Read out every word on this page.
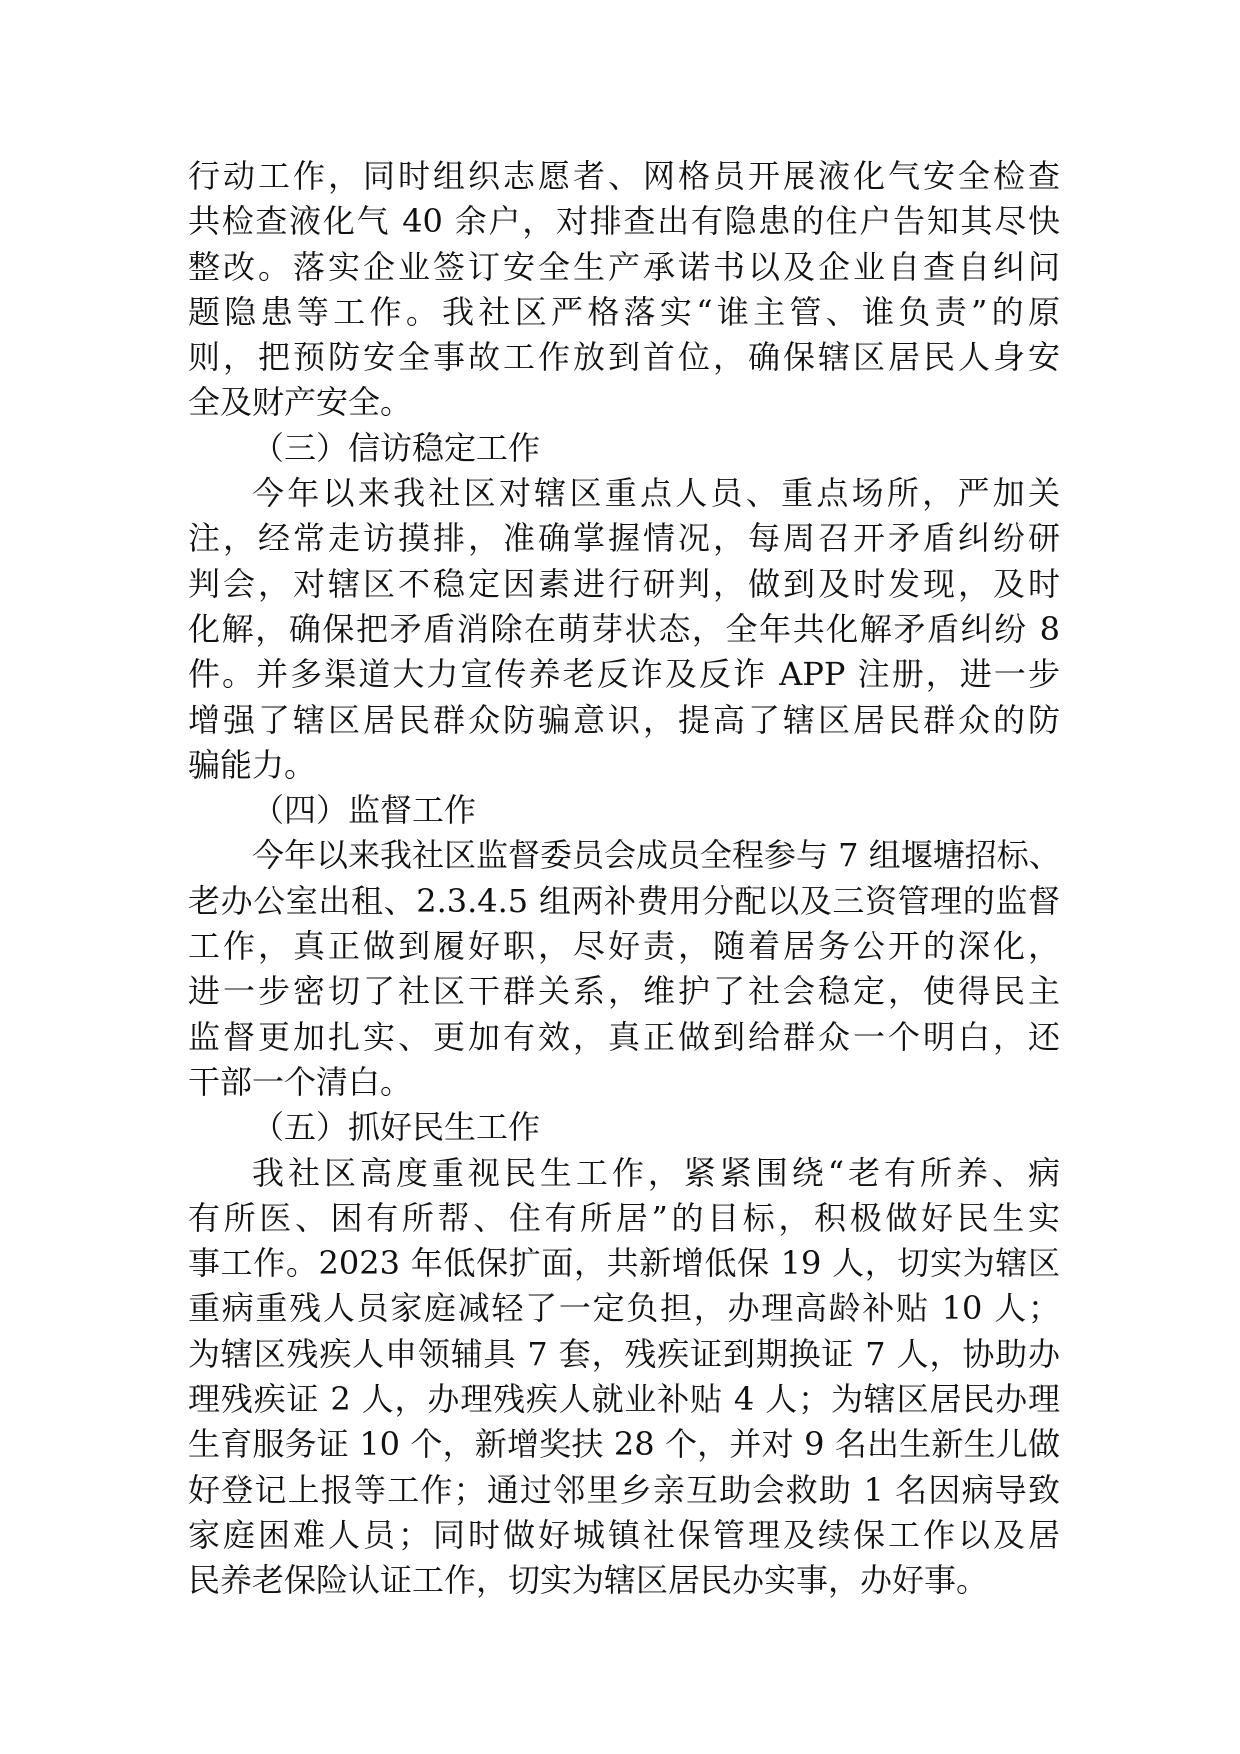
行动工作，同时组织志愿者、网格员开展液化气安全检查
共检查液化气 40 余户，对排查出有隐患的住户告知其尽快
整改。落实企业签订安全生产承诺书以及企业自查自纠问
题隐患等工作。我社区严格落实“谁主管、谁负责”的原
则，把预防安全事故工作放到首位，确保辖区居民人身安
全及财产安全。
（三）信访稳定工作
今年以来我社区对辖区重点人员、重点场所，严加关
注，经常走访摸排，准确掌握情况，每周召开矛盾纠纷研
判会，对辖区不稳定因素进行研判，做到及时发现，及时
化解，确保把矛盾消除在萌芽状态，全年共化解矛盾纠纷 8
件。并多渠道大力宣传养老反诈及反诈 APP 注册，进一步
增强了辖区居民群众防骗意识，提高了辖区居民群众的防
骗能力。
（四）监督工作
今年以来我社区监督委员会成员全程参与 7 组堰塘招标、
老办公室出租、2.3.4.5 组两补费用分配以及三资管理的监督
工作，真正做到履好职，尽好责，随着居务公开的深化，
进一步密切了社区干群关系，维护了社会稳定，使得民主
监督更加扎实、更加有效，真正做到给群众一个明白，还
干部一个清白。
（五）抓好民生工作
我社区高度重视民生工作，紧紧围绕“老有所养、病
有所医、困有所帮、住有所居”的目标，积极做好民生实
事工作。2023 年低保扩面，共新增低保 19 人，切实为辖区
重病重残人员家庭减轻了一定负担，办理高龄补贴 10 人；
为辖区残疾人申领辅具 7 套，残疾证到期换证 7 人，协助办
理残疾证 2 人，办理残疾人就业补贴 4 人；为辖区居民办理
生育服务证 10 个，新增奖扶 28 个，并对 9 名出生新生儿做
好登记上报等工作；通过邻里乡亲互助会救助 1 名因病导致
家庭困难人员；同时做好城镇社保管理及续保工作以及居
民养老保险认证工作，切实为辖区居民办实事，办好事。
